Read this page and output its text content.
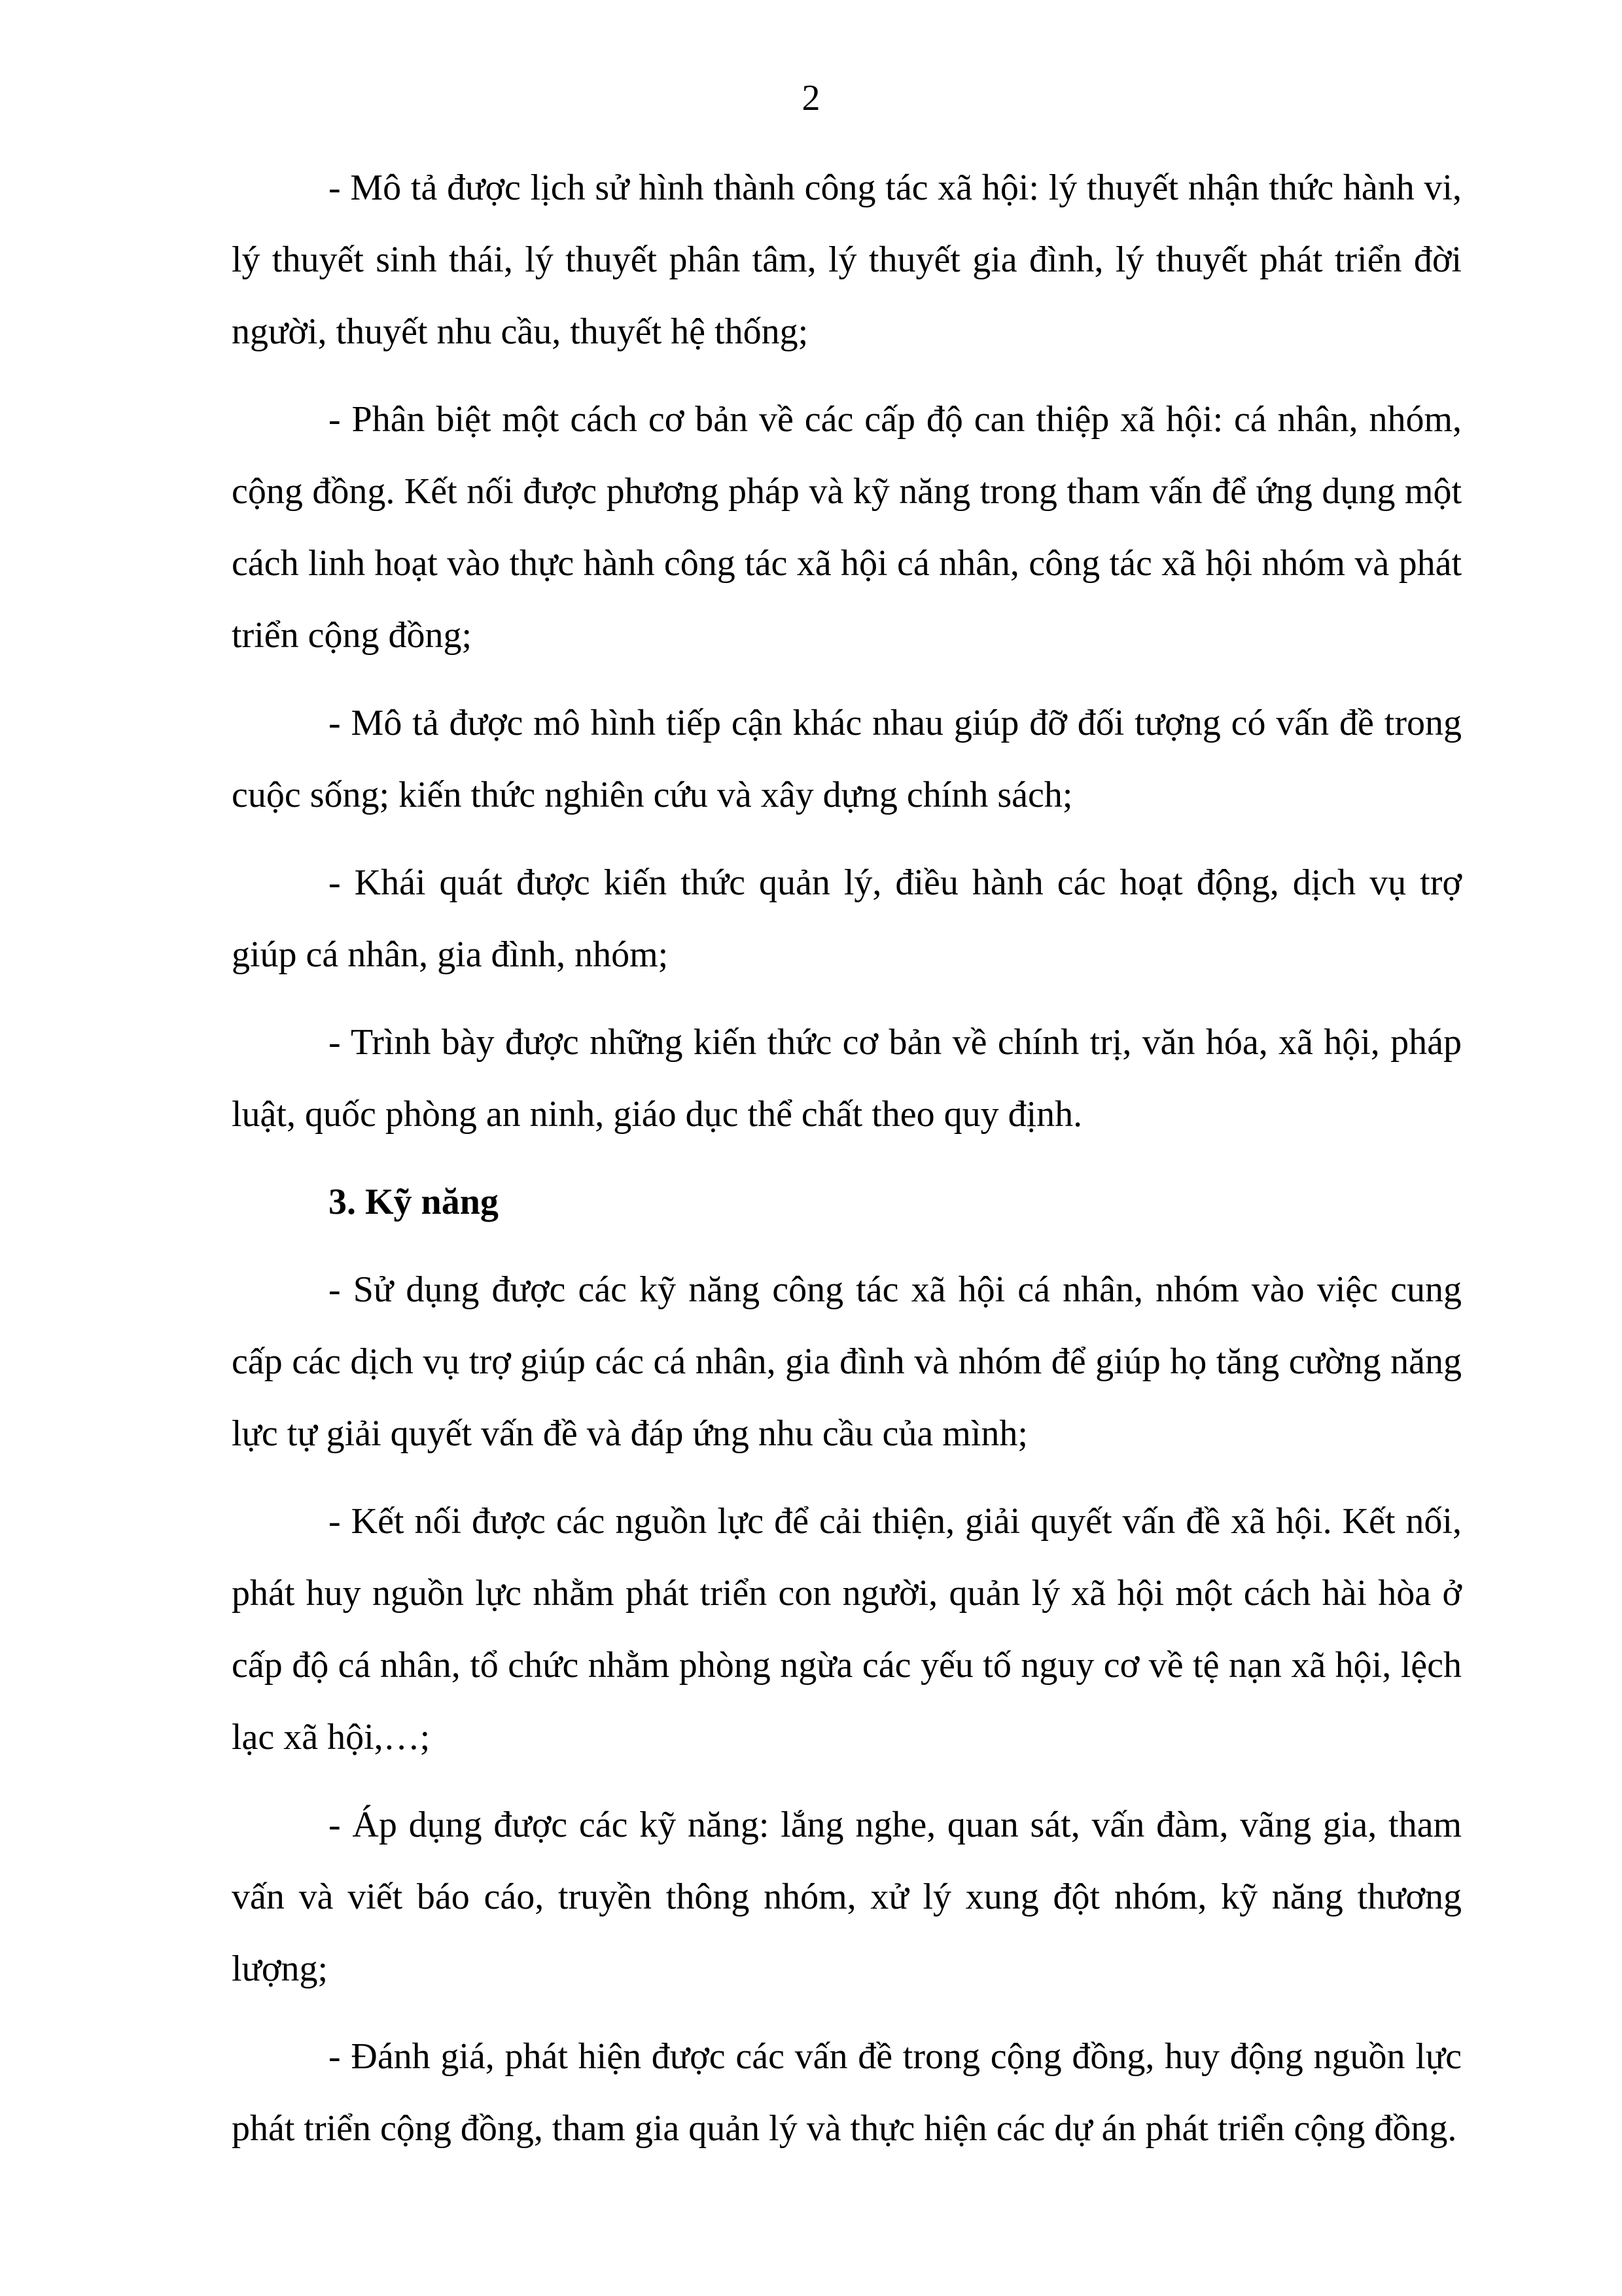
2

- Mô tả được lịch sử hình thành công tác xã hội: lý thuyết nhận thức hành vi, lý thuyết sinh thái, lý thuyết phân tâm, lý thuyết gia đình, lý thuyết phát triển đời người, thuyết nhu cầu, thuyết hệ thống;

- Phân biệt một cách cơ bản về các cấp độ can thiệp xã hội: cá nhân, nhóm, cộng đồng. Kết nối được phương pháp và kỹ năng trong tham vấn để ứng dụng một cách linh hoạt vào thực hành công tác xã hội cá nhân, công tác xã hội nhóm và phát triển cộng đồng;

- Mô tả được mô hình tiếp cận khác nhau giúp đỡ đối tượng có vấn đề trong cuộc sống; kiến thức nghiên cứu và xây dựng chính sách;

- Khái quát được kiến thức quản lý, điều hành các hoạt động, dịch vụ trợ giúp cá nhân, gia đình, nhóm;

- Trình bày được những kiến thức cơ bản về chính trị, văn hóa, xã hội, pháp luật, quốc phòng an ninh, giáo dục thể chất theo quy định.

3. Kỹ năng

- Sử dụng được các kỹ năng công tác xã hội cá nhân, nhóm vào việc cung cấp các dịch vụ trợ giúp các cá nhân, gia đình và nhóm để giúp họ tăng cường năng lực tự giải quyết vấn đề và đáp ứng nhu cầu của mình;

- Kết nối được các nguồn lực để cải thiện, giải quyết vấn đề xã hội. Kết nối, phát huy nguồn lực nhằm phát triển con người, quản lý xã hội một cách hài hòa ở cấp độ cá nhân, tổ chức nhằm phòng ngừa các yếu tố nguy cơ về tệ nạn xã hội, lệch lạc xã hội,…;

- Áp dụng được các kỹ năng: lắng nghe, quan sát, vấn đàm, vãng gia, tham vấn và viết báo cáo, truyền thông nhóm, xử lý xung đột nhóm, kỹ năng thương lượng;

- Đánh giá, phát hiện được các vấn đề trong cộng đồng, huy động nguồn lực phát triển cộng đồng, tham gia quản lý và thực hiện các dự án phát triển cộng đồng.
